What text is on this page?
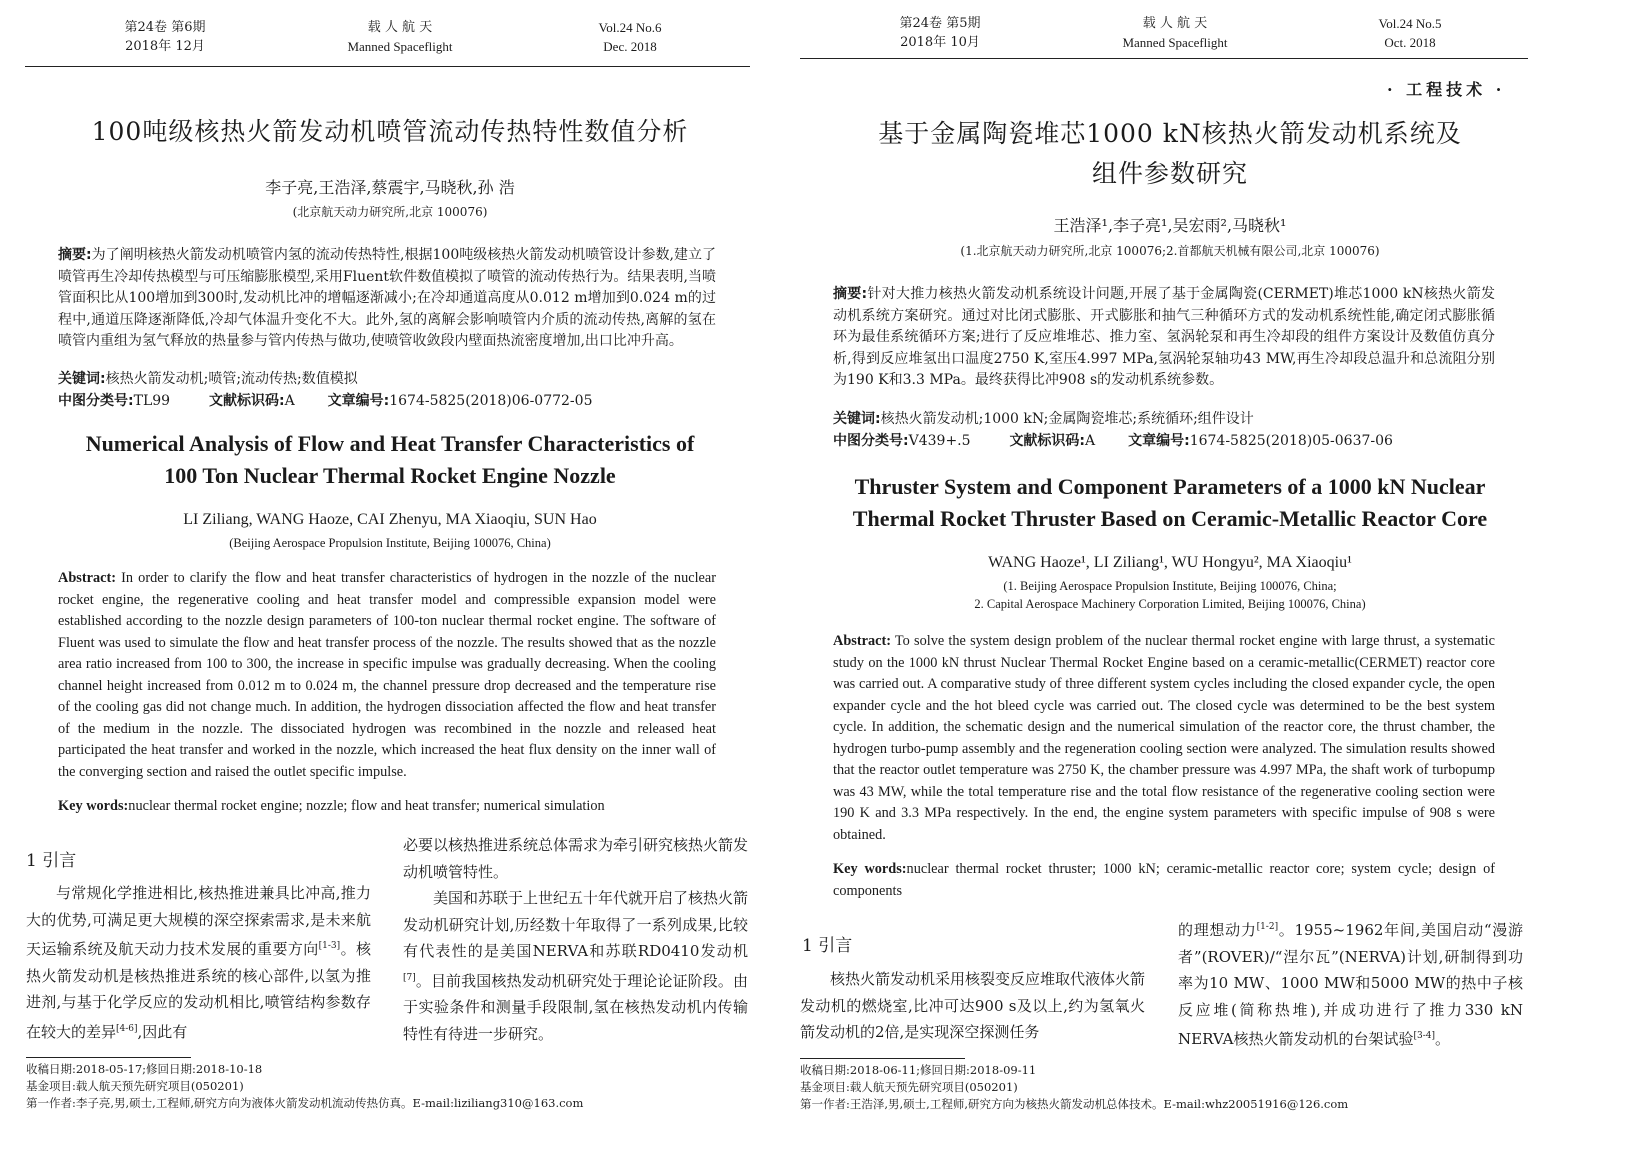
第24卷 第6期
2018年 12月
载 人 航 天
Manned Spaceflight
Vol.24 No.6
Dec. 2018
100吨级核热火箭发动机喷管流动传热特性数值分析
李子亮,王浩泽,蔡震宇,马晓秋,孙 浩
(北京航天动力研究所,北京 100076)
摘要:为了阐明核热火箭发动机喷管内氢的流动传热特性,根据100吨级核热火箭发动机喷管设计参数,建立了喷管再生冷却传热模型与可压缩膨胀模型,采用Fluent软件数值模拟了喷管的流动传热行为。结果表明,当喷管面积比从100增加到300时,发动机比冲的增幅逐渐减小;在冷却通道高度从0.012 m增加到0.024 m的过程中,通道压降逐渐降低,冷却气体温升变化不大。此外,氢的离解会影响喷管内介质的流动传热,离解的氢在喷管内重组为氢气释放的热量参与管内传热与做功,使喷管收敛段内壁面热流密度增加,出口比冲升高。
关键词:核热火箭发动机;喷管;流动传热;数值模拟
中图分类号:TL99	文献标识码:A 文章编号:1674-5825(2018)06-0772-05
Numerical Analysis of Flow and Heat Transfer Characteristics of
100 Ton Nuclear Thermal Rocket Engine Nozzle
LI Ziliang, WANG Haoze, CAI Zhenyu, MA Xiaoqiu, SUN Hao
(Beijing Aerospace Propulsion Institute, Beijing 100076, China)
Abstract: In order to clarify the flow and heat transfer characteristics of hydrogen in the nozzle of the nuclear rocket engine, the regenerative cooling and heat transfer model and compressible expansion model were established according to the nozzle design parameters of 100-ton nuclear thermal rocket engine. The software of Fluent was used to simulate the flow and heat transfer process of the nozzle. The results showed that as the nozzle area ratio increased from 100 to 300, the increase in specific impulse was gradually decreasing. When the cooling channel height increased from 0.012 m to 0.024 m, the channel pressure drop decreased and the temperature rise of the cooling gas did not change much. In addition, the hydrogen dissociation affected the flow and heat transfer of the medium in the nozzle. The dissociated hydrogen was recombined in the nozzle and released heat participated the heat transfer and worked in the nozzle, which increased the heat flux density on the inner wall of the converging section and raised the outlet specific impulse.
Key words:nuclear thermal rocket engine; nozzle; flow and heat transfer; numerical simulation
1 引言
与常规化学推进相比,核热推进兼具比冲高,推力大的优势,可满足更大规模的深空探索需求,是未来航天运输系统及航天动力技术发展的重要方向[1-3]。核热火箭发动机是核热推进系统的核心部件,以氢为推进剂,与基于化学反应的发动机相比,喷管结构参数存在较大的差异[4-6],因此有
必要以核热推进系统总体需求为牵引研究核热火箭发动机喷管特性。
美国和苏联于上世纪五十年代就开启了核热火箭发动机研究计划,历经数十年取得了一系列成果,比较有代表性的是美国NERVA和苏联RD0410发动机[7]。目前我国核热发动机研究处于理论论证阶段。由于实验条件和测量手段限制,氢在核热发动机内传输特性有待进一步研究。
收稿日期:2018-05-17;修回日期:2018-10-18
基金项目:载人航天预先研究项目(050201)
第一作者:李子亮,男,硕士,工程师,研究方向为液体火箭发动机流动传热仿真。E-mail:liziliang310@163.com
第24卷 第5期
2018年 10月
载 人 航 天
Manned Spaceflight
Vol.24 No.5
Oct. 2018
· 工程技术 ·
基于金属陶瓷堆芯1000 kN核热火箭发动机系统及
组件参数研究
王浩泽¹,李子亮¹,吴宏雨²,马晓秋¹
(1.北京航天动力研究所,北京 100076;2.首都航天机械有限公司,北京 100076)
摘要:针对大推力核热火箭发动机系统设计问题,开展了基于金属陶瓷(CERMET)堆芯1000 kN核热火箭发动机系统方案研究。通过对比闭式膨胀、开式膨胀和抽气三种循环方式的发动机系统性能,确定闭式膨胀循环为最佳系统循环方案;进行了反应堆堆芯、推力室、氢涡轮泵和再生冷却段的组件方案设计及数值仿真分析,得到反应堆氢出口温度2750 K,室压4.997 MPa,氢涡轮泵轴功43 MW,再生冷却段总温升和总流阻分别为190 K和3.3 MPa。最终获得比冲908 s的发动机系统参数。
关键词:核热火箭发动机;1000 kN;金属陶瓷堆芯;系统循环;组件设计
中图分类号:V439+.5	文献标识码:A 文章编号:1674-5825(2018)05-0637-06
Thruster System and Component Parameters of a 1000 kN Nuclear
Thermal Rocket Thruster Based on Ceramic-Metallic Reactor Core
WANG Haoze¹, LI Ziliang¹, WU Hongyu², MA Xiaoqiu¹
(1. Beijing Aerospace Propulsion Institute, Beijing 100076, China;
2. Capital Aerospace Machinery Corporation Limited, Beijing 100076, China)
Abstract: To solve the system design problem of the nuclear thermal rocket engine with large thrust, a systematic study on the 1000 kN thrust Nuclear Thermal Rocket Engine based on a ceramic-metallic(CERMET) reactor core was carried out. A comparative study of three different system cycles including the closed expander cycle, the open expander cycle and the hot bleed cycle was carried out. The closed cycle was determined to be the best system cycle. In addition, the schematic design and the numerical simulation of the reactor core, the thrust chamber, the hydrogen turbo-pump assembly and the regeneration cooling section were analyzed. The simulation results showed that the reactor outlet temperature was 2750 K, the chamber pressure was 4.997 MPa, the shaft work of turbopump was 43 MW, while the total temperature rise and the total flow resistance of the regenerative cooling section were 190 K and 3.3 MPa respectively. In the end, the engine system parameters with specific impulse of 908 s were obtained.
Key words:nuclear thermal rocket thruster; 1000 kN; ceramic-metallic reactor core; system cycle; design of components
1 引言
核热火箭发动机采用核裂变反应堆取代液体火箭发动机的燃烧室,比冲可达900 s及以上,约为氢氧火箭发动机的2倍,是实现深空探测任务
的理想动力[1-2]。1955~1962年间,美国启动“漫游者”(ROVER)/“涅尔瓦”(NERVA)计划,研制得到功率为10 MW、1000 MW和5000 MW的热中子核反应堆(简称热堆),并成功进行了推力330 kN NERVA核热火箭发动机的台架试验[3-4]。
收稿日期:2018-06-11;修回日期:2018-09-11
基金项目:载人航天预先研究项目(050201)
第一作者:王浩泽,男,硕士,工程师,研究方向为核热火箭发动机总体技术。E-mail:whz20051916@126.com
